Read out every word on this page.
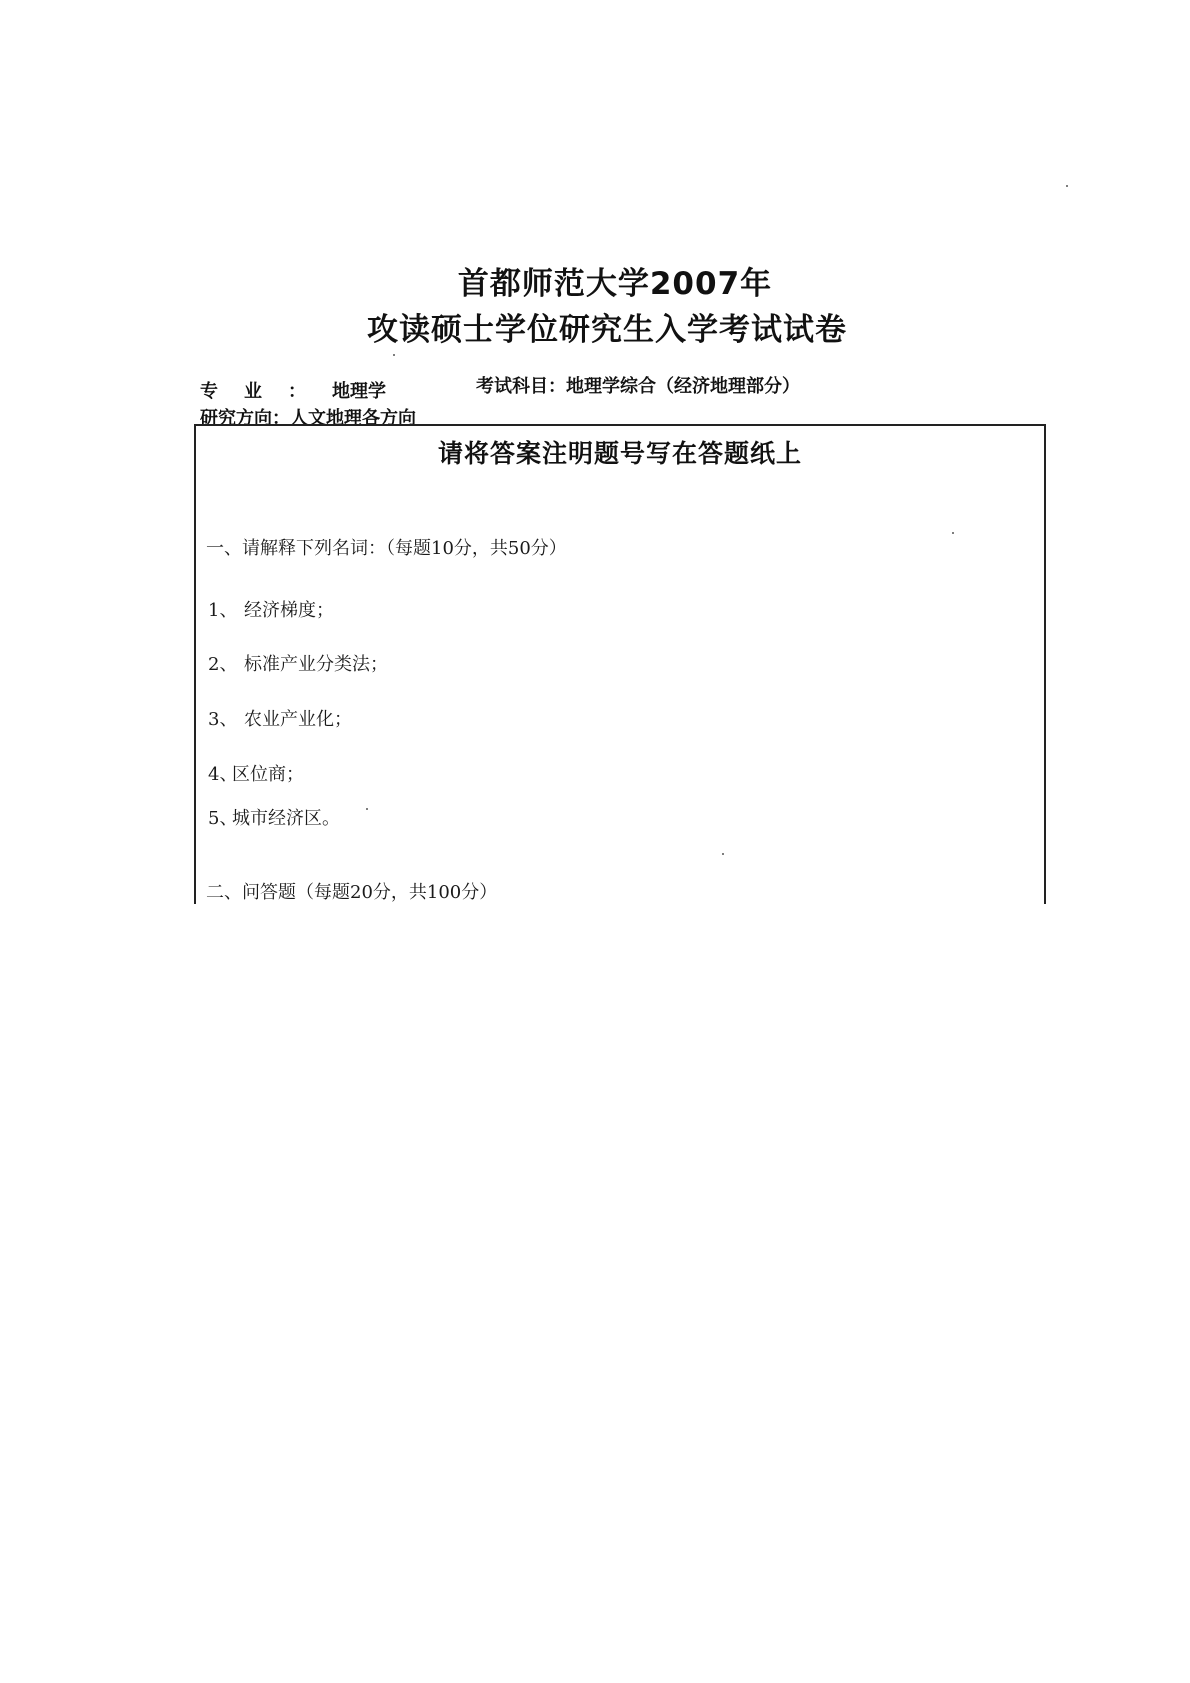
首都师范大学2007年
攻读硕士学位研究生入学考试试卷
专业：地理学	考试科目：地理学综合（经济地理部分）
研究方向：人文地理各方向
请将答案注明题号写在答题纸上
一、请解释下列名词：（每题10分，共50分）
1、 经济梯度；
2、 标准产业分类法；
3、 农业产业化；
4、区位商；
5、城市经济区。
二、问答题（每题20分，共100分）
